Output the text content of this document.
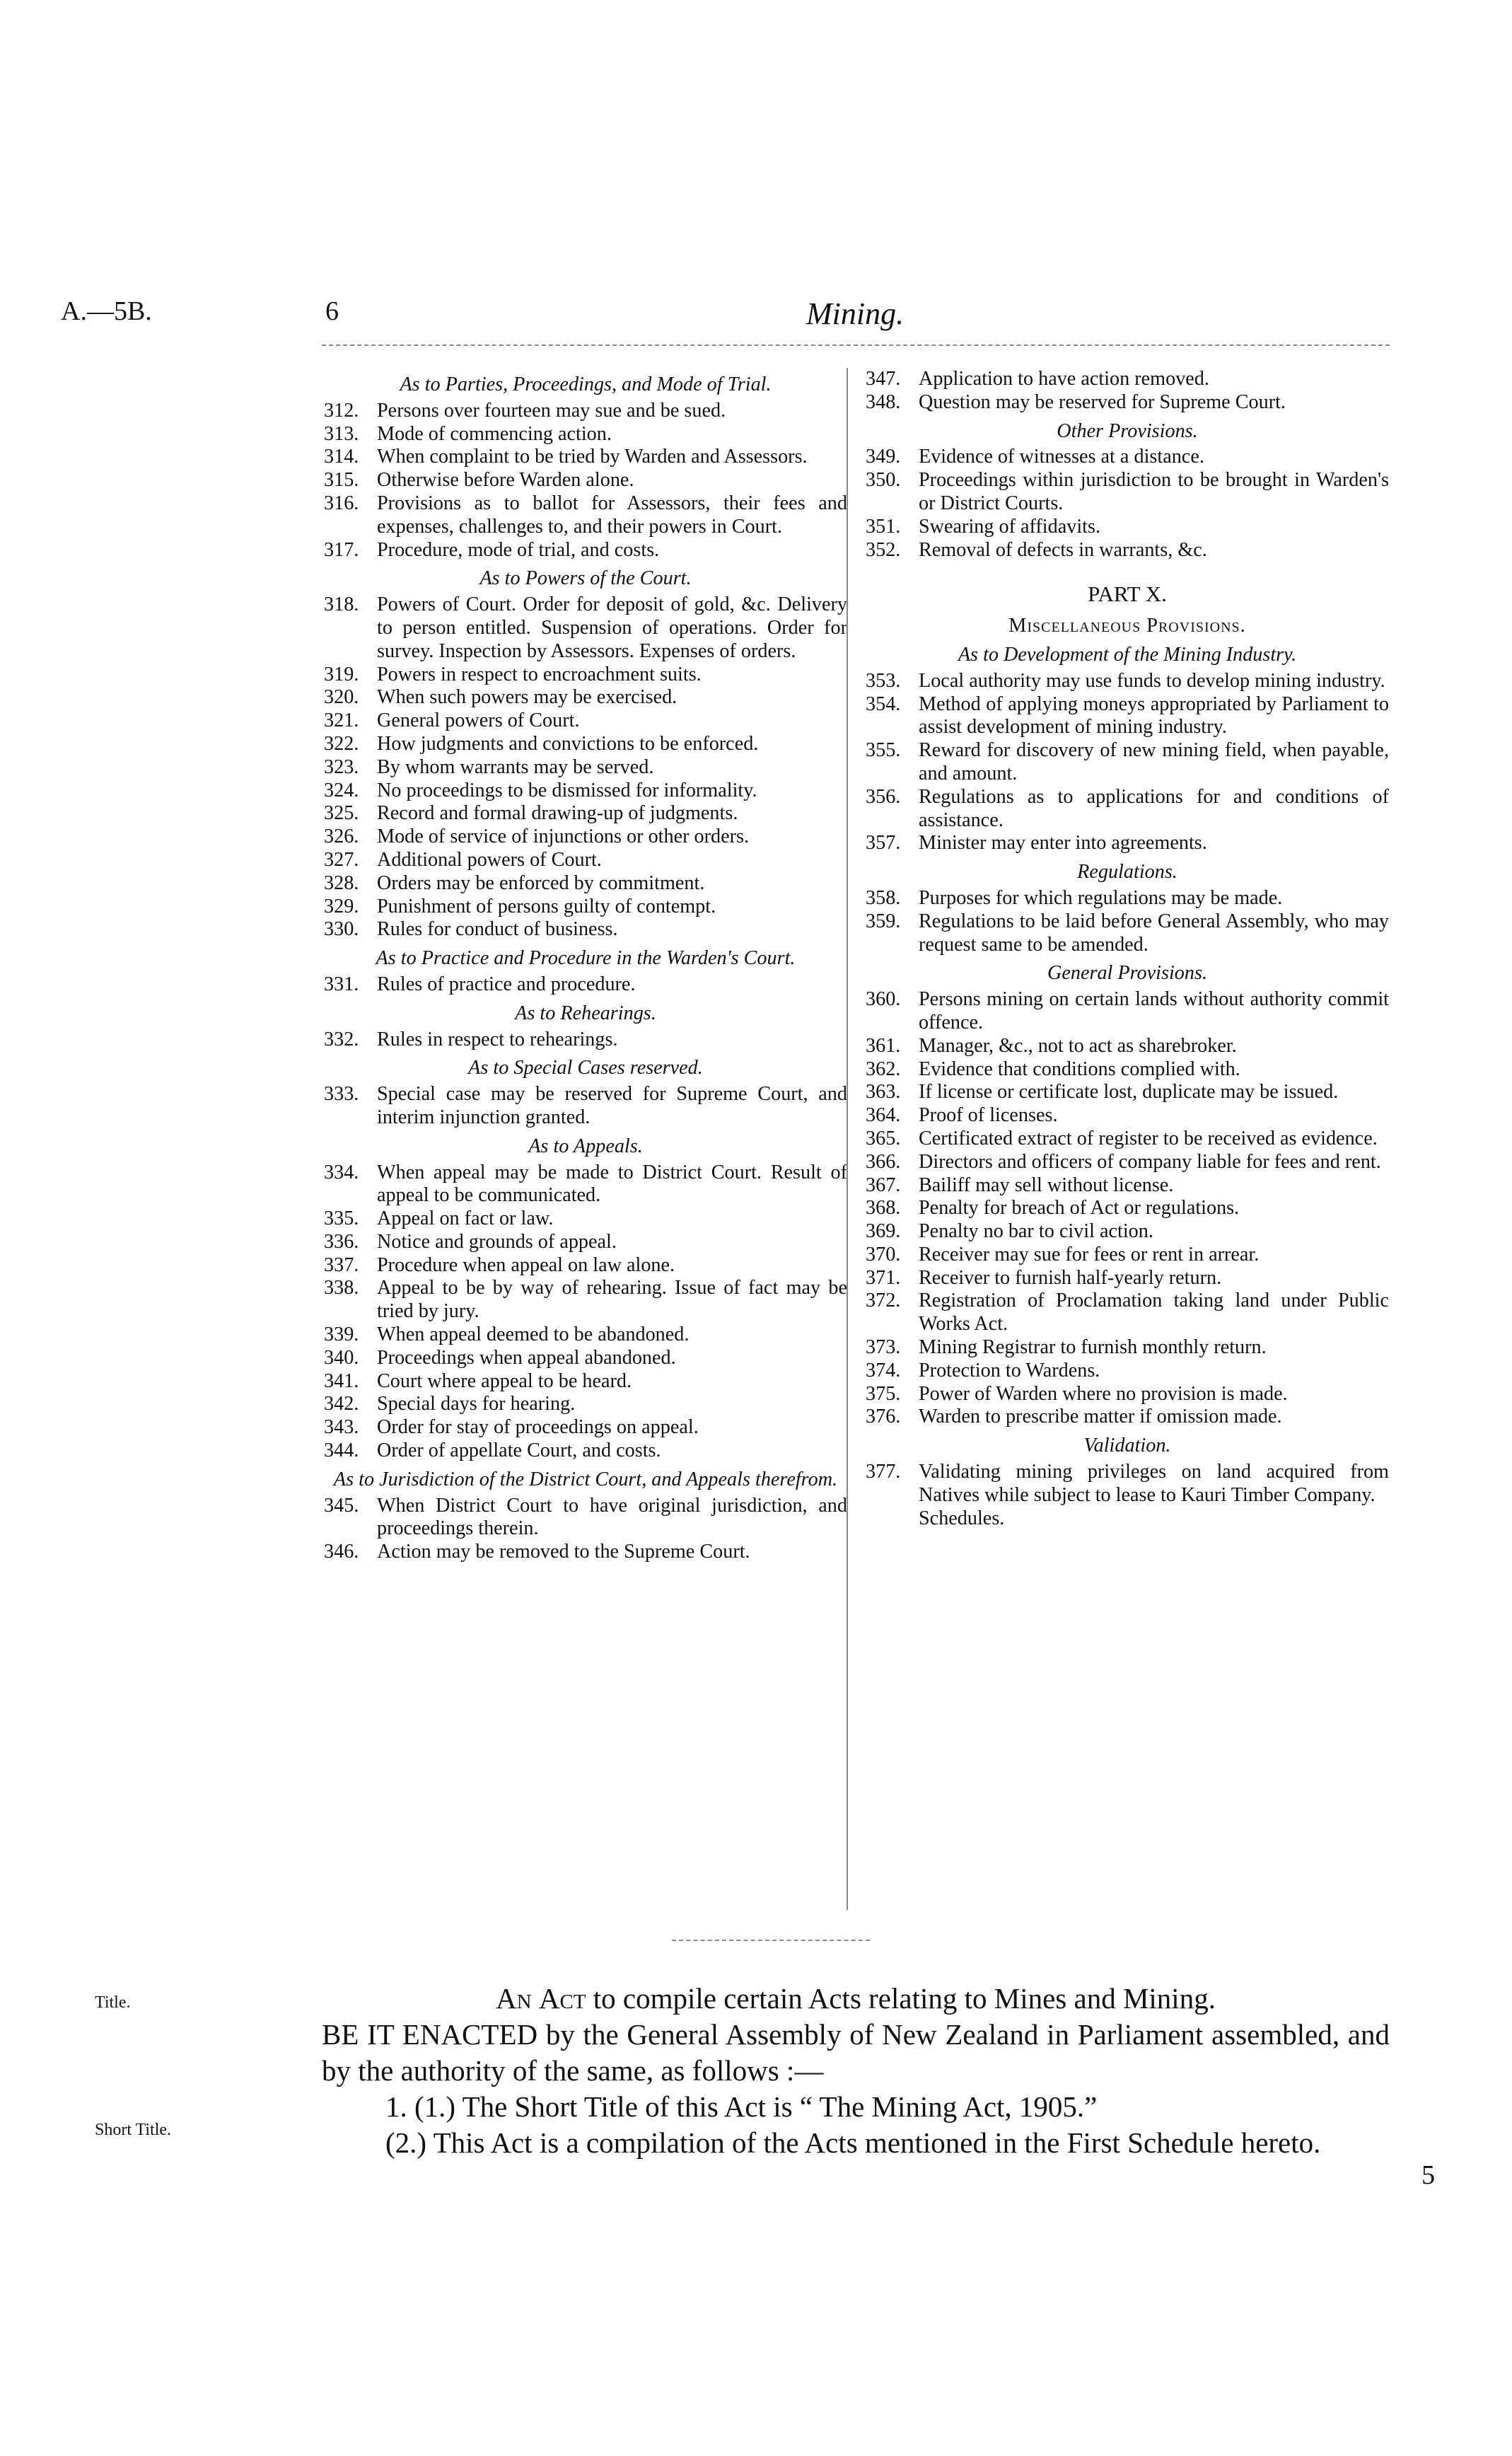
A.—5B.	6	Mining.
As to Parties, Proceedings, and Mode of Trial.
312. Persons over fourteen may sue and be sued.
313. Mode of commencing action.
314. When complaint to be tried by Warden and Assessors.
315. Otherwise before Warden alone.
316. Provisions as to ballot for Assessors, their fees and expenses, challenges to, and their powers in Court.
317. Procedure, mode of trial, and costs.
As to Powers of the Court.
318. Powers of Court. Order for deposit of gold, &c. Delivery to person entitled. Suspension of operations. Order for survey. Inspection by Assessors. Expenses of orders.
319. Powers in respect to encroachment suits.
320. When such powers may be exercised.
321. General powers of Court.
322. How judgments and convictions to be enforced.
323. By whom warrants may be served.
324. No proceedings to be dismissed for informality.
325. Record and formal drawing-up of judgments.
326. Mode of service of injunctions or other orders.
327. Additional powers of Court.
328. Orders may be enforced by commitment.
329. Punishment of persons guilty of contempt.
330. Rules for conduct of business.
As to Practice and Procedure in the Warden's Court.
331. Rules of practice and procedure.
As to Rehearings.
332. Rules in respect to rehearings.
As to Special Cases reserved.
333. Special case may be reserved for Supreme Court, and interim injunction granted.
As to Appeals.
334. When appeal may be made to District Court. Result of appeal to be communicated.
335. Appeal on fact or law.
336. Notice and grounds of appeal.
337. Procedure when appeal on law alone.
338. Appeal to be by way of rehearing. Issue of fact may be tried by jury.
339. When appeal deemed to be abandoned.
340. Proceedings when appeal abandoned.
341. Court where appeal to be heard.
342. Special days for hearing.
343. Order for stay of proceedings on appeal.
344. Order of appellate Court, and costs.
As to Jurisdiction of the District Court, and Appeals therefrom.
345. When District Court to have original jurisdiction, and proceedings therein.
346. Action may be removed to the Supreme Court.
347. Application to have action removed.
348. Question may be reserved for Supreme Court.
Other Provisions.
349. Evidence of witnesses at a distance.
350. Proceedings within jurisdiction to be brought in Warden's or District Courts.
351. Swearing of affidavits.
352. Removal of defects in warrants, &c.
PART X.
Miscellaneous Provisions.
As to Development of the Mining Industry.
353. Local authority may use funds to develop mining industry.
354. Method of applying moneys appropriated by Parliament to assist development of mining industry.
355. Reward for discovery of new mining field, when payable, and amount.
356. Regulations as to applications for and conditions of assistance.
357. Minister may enter into agreements.
Regulations.
358. Purposes for which regulations may be made.
359. Regulations to be laid before General Assembly, who may request same to be amended.
General Provisions.
360. Persons mining on certain lands without authority commit offence.
361. Manager, &c., not to act as sharebroker.
362. Evidence that conditions complied with.
363. If license or certificate lost, duplicate may be issued.
364. Proof of licenses.
365. Certificated extract of register to be received as evidence.
366. Directors and officers of company liable for fees and rent.
367. Bailiff may sell without license.
368. Penalty for breach of Act or regulations.
369. Penalty no bar to civil action.
370. Receiver may sue for fees or rent in arrear.
371. Receiver to furnish half-yearly return.
372. Registration of Proclamation taking land under Public Works Act.
373. Mining Registrar to furnish monthly return.
374. Protection to Wardens.
375. Power of Warden where no provision is made.
376. Warden to prescribe matter if omission made.
Validation.
377. Validating mining privileges on land acquired from Natives while subject to lease to Kauri Timber Company.
Schedules.
Title.
Short Title.

An Act to compile certain Acts relating to Mines and Mining.

BE IT ENACTED by the General Assembly of New Zealand in Parliament assembled, and by the authority of the same, as follows :—

1. (1.) The Short Title of this Act is “ The Mining Act, 1905.”

(2.) This Act is a compilation of the Acts mentioned in the First Schedule hereto.

5
